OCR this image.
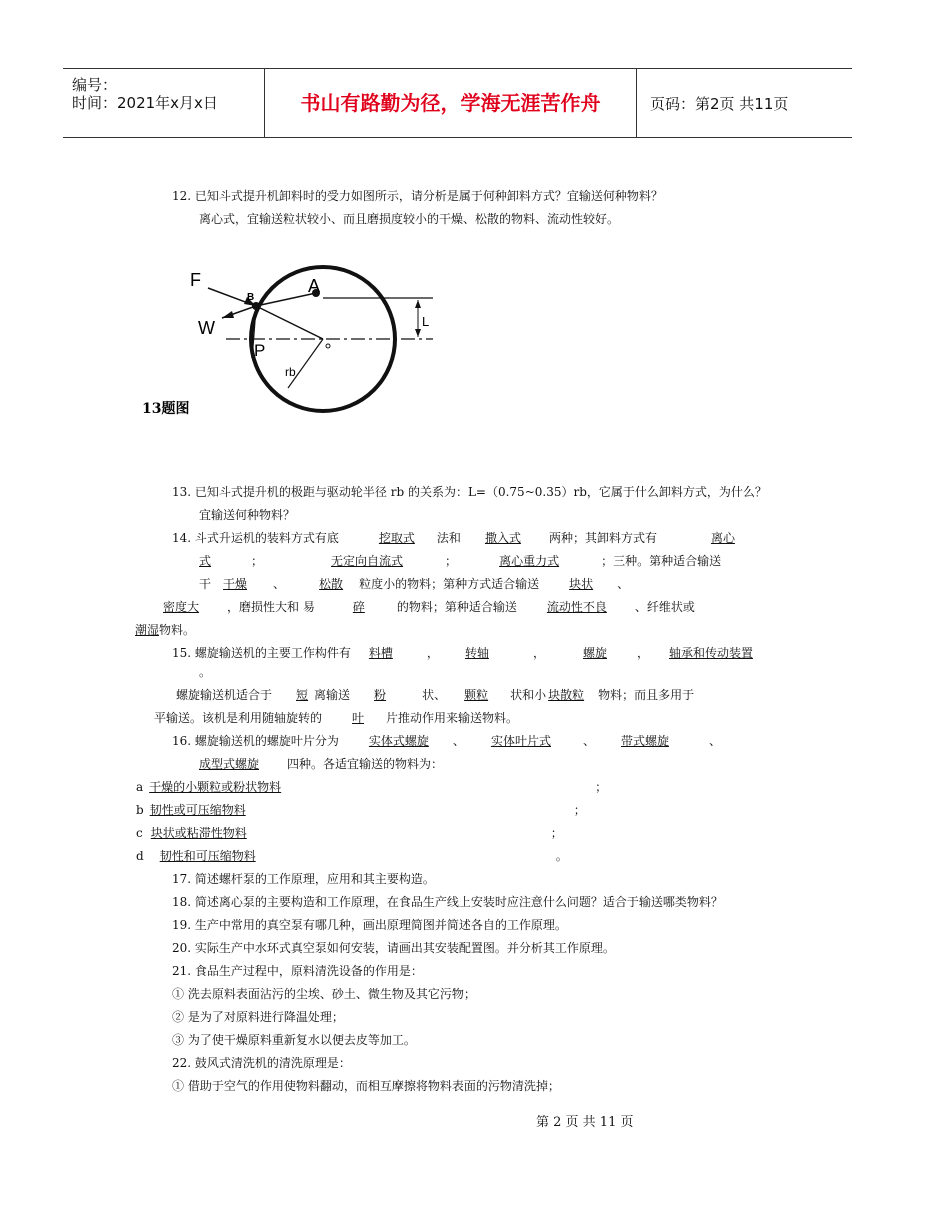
编号：
时间：2021年x月x日	书山有路勤为径，学海无涯苦作舟	页码：第2页 共11页
12. 已知斗式提升机卸料时的受力如图所示，请分析是属于何种卸料方式？宜输送何种物料？
离心式，宜输送粒状较小、而且磨损度较小的干燥、松散的物料、流动性较好。
F
B
W
P
A
L
rb
13题图
13. 已知斗式提升机的极距与驱动轮半径 rb 的关系为：L=（0.75~0.35）rb，它属于什么卸料方式，为什么？
宜输送何种物料？
14. 斗式升运机的装料方式有底	挖取式 法和 撒入式 两种；其卸料方式有	离心
式	；	无定向自流式	；	离心重力式	；三种。第种适合输送
干 干燥 、	松散 粒度小的物料；第种方式适合输送	块状 、
密度大 ，磨损性大和 易	碎	的物料；第种适合输送	流动性不良 、纤维状或
潮湿物料。
15. 螺旋输送机的主要工作构件有 料槽	， 转轴	，	螺旋	， 轴承和传动装置
。
螺旋输送机适合于 短 离输送 粉	状、 颗粒 状和小 块散粒 物料；而且多用于
平输送。该机是利用随轴旋转的	叶 片推动作用来输送物料。
16. 螺旋输送机的螺旋叶片分为	实体式螺旋 、 实体叶片式	、 带式螺旋	、
成型式螺旋 四种。各适宜输送的物料为：
a 干燥的小颗粒或粉状物料	；
b 韧性或可压缩物料	；
c 块状或粘滞性物料	；
d 韧性和可压缩物料	。
17. 简述螺杆泵的工作原理，应用和其主要构造。
18. 简述离心泵的主要构造和工作原理，在食品生产线上安装时应注意什么问题？适合于输送哪类物料？
19. 生产中常用的真空泵有哪几种，画出原理简图并简述各自的工作原理。
20. 实际生产中水环式真空泵如何安装，请画出其安装配置图。并分析其工作原理。
21. 食品生产过程中，原料清洗设备的作用是：
① 洗去原料表面沾污的尘埃、砂土、微生物及其它污物；
② 是为了对原料进行降温处理；
③ 为了使干燥原料重新复水以便去皮等加工。
22. 鼓风式清洗机的清洗原理是：
① 借助于空气的作用使物料翻动，而相互摩擦将物料表面的污物清洗掉；
第 2 页 共 11 页
